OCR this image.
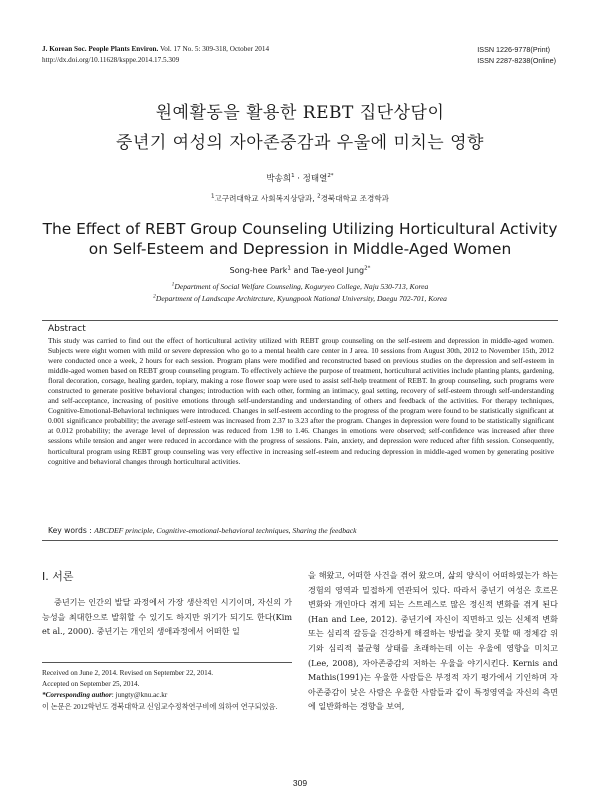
J. Korean Soc. People Plants Environ. Vol. 17 No. 5: 309-318, October 2014
http://dx.doi.org/10.11628/ksppe.2014.17.5.309
ISSN 1226-9778(Print)
ISSN 2287-8238(Online)
원예활동을 활용한 REBT 집단상담이
중년기 여성의 자아존중감과 우울에 미치는 영향
박송희$^1$ · 정태열$^{2*}$
$^1$고구려대학교 사회복지상담과, $^2$경북대학교 조경학과
The Effect of REBT Group Counseling Utilizing Horticultural Activity
on Self-Esteem and Depression in Middle-Aged Women
Song-hee Park$^1$ and Tae-yeol Jung$^{2*}$
$^1$Department of Social Welfare Counseling, Koguryeo College, Naju 530-713, Korea
$^2$Department of Landscape Architrcture, Kyungpook National University, Daegu 702-701, Korea
Abstract
This study was carried to find out the effect of horticultural activity utilized with REBT group counseling on the self-esteem and depression in middle-aged women. Subjects were eight women with mild or severe depression who go to a mental health care center in J area. 10 sessions from August 30th, 2012 to November 15th, 2012 were conducted once a week, 2 hours for each session. Program plans were modified and reconstructed based on previous studies on the depression and self-esteem in middle-aged women based on REBT group counseling program. To effectively achieve the purpose of treatment, horticultural activities include planting plants, gardening, floral decoration, corsage, healing garden, topiary, making a rose flower soap were used to assist self-help treatment of REBT. In group counseling, such programs were constructed to generate positive behavioral changes; introduction with each other, forming an intimacy, goal setting, recovery of self-esteem through self-understanding and self-acceptance, increasing of positive emotions through self-understanding and understanding of others and feedback of the activities. For therapy techniques, Cognitive-Emotional-Behavioral techniques were introduced. Changes in self-esteem according to the progress of the program were found to be statistically significant at 0.001 significance probability; the average self-esteem was increased from 2.37 to 3.23 after the program. Changes in depression were found to be statistically significant at 0.012 probability; the average level of depression was reduced from 1.98 to 1.46. Changes in emotions were observed; self-confidence was increased after three sessions while tension and anger were reduced in accordance with the progress of sessions. Pain, anxiety, and depression were reduced after fifth session. Consequently, horticultural program using REBT group counseling was very effective in increasing self-esteem and reducing depression in middle-aged women by generating positive cognitive and behavioral changes through horticultural activities.
Key words : ABCDEF principle, Cognitive-emotional-behavioral techniques, Sharing the feedback
Ⅰ. 서론

중년기는 인간의 발달 과정에서 가장 생산적인 시기이며, 자신의 가능성을 최대한으로 발휘할 수 있기도 하지만 위기가 되기도 한다(Kim et al., 2000). 중년기는 개인의 생애과정에서 어떠한 일

Received on June 2, 2014. Revised on September 22, 2014.
Accepted on September 25, 2014.
*Corresponding author: jungty@knu.ac.kr
이 논문은 2012학년도 경북대학교 신임교수정착연구비에 의하여 연구되었음.

을 해왔고, 어떠한 사건을 겪어 왔으며, 삶의 양식이 어떠하였는가 하는 경험의 영역과 밀접하게 연관되어 있다. 따라서 중년기 여성은 호르몬 변화와 개인마다 겪게 되는 스트레스로 많은 정신적 변화를 겪게 된다(Han and Lee, 2012). 중년기에 자신이 직면하고 있는 신체적 변화 또는 심리적 갈등을 건강하게 해결하는 방법을 찾지 못할 때 정체감 위기와 심리적 불균형 상태를 초래하는데 이는 우울에 영향을 미치고(Lee, 2008), 자아존중감의 저하는 우울을 야기시킨다. Kernis and Mathis(1991)는 우울한 사람들은 부정적 자기 평가에서 기인하며 자아존중감이 낮은 사람은 우울한 사람들과 같이 특정영역을 자신의 측면에 일반화하는 경향을 보여,

309
